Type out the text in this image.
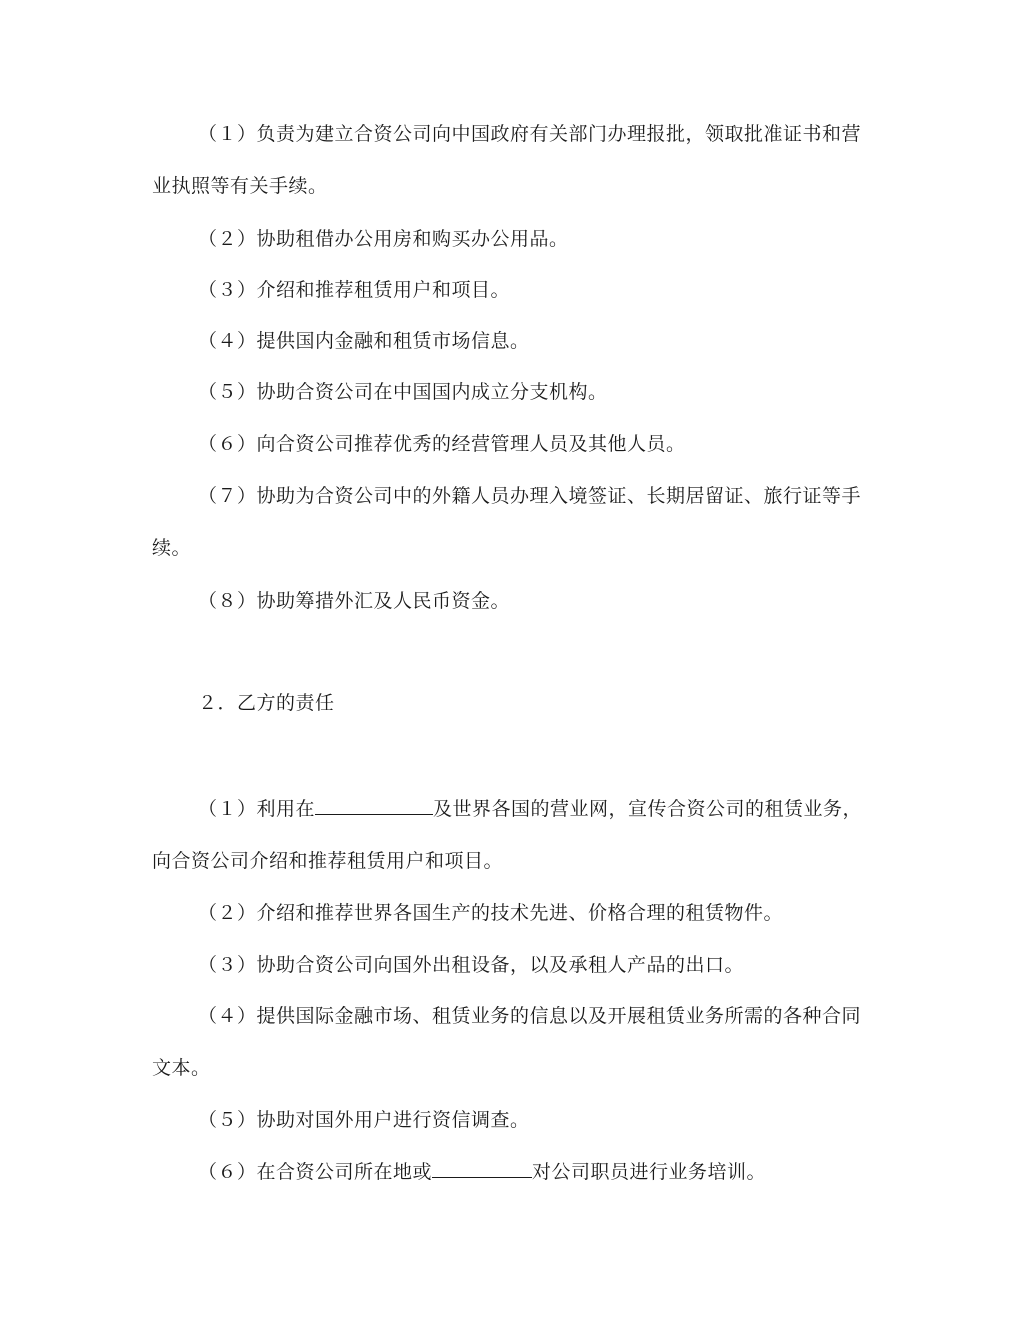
（１）负责为建立合资公司向中国政府有关部门办理报批，领取批准证书和营
业执照等有关手续。
（２）协助租借办公用房和购买办公用品。
（３）介绍和推荐租赁用户和项目。
（４）提供国内金融和租赁市场信息。
（５）协助合资公司在中国国内成立分支机构。
（６）向合资公司推荐优秀的经营管理人员及其他人员。
（７）协助为合资公司中的外籍人员办理入境签证、长期居留证、旅行证等手
续。
（８）协助筹措外汇及人民币资金。
２．乙方的责任
（１）利用在	及世界各国的营业网，宣传合资公司的租赁业务，
向合资公司介绍和推荐租赁用户和项目。
（２）介绍和推荐世界各国生产的技术先进、价格合理的租赁物件。
（３）协助合资公司向国外出租设备，以及承租人产品的出口。
（４）提供国际金融市场、租赁业务的信息以及开展租赁业务所需的各种合同
文本。
（５）协助对国外用户进行资信调查。
（６）在合资公司所在地或	对公司职员进行业务培训。
